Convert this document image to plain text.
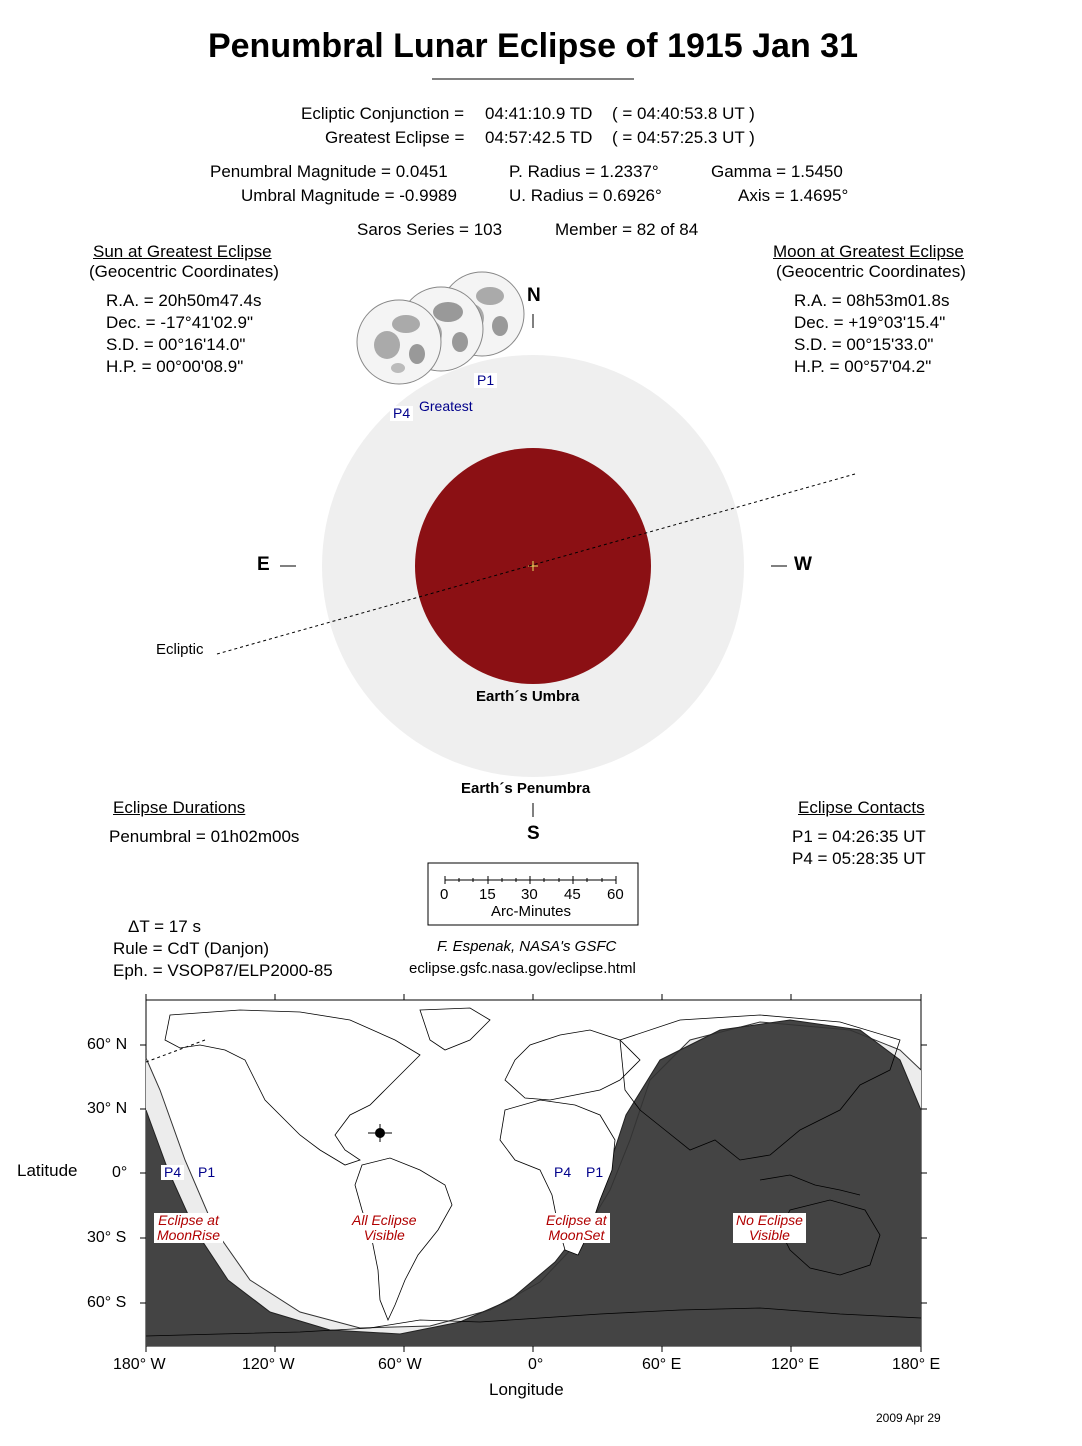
Penumbral Lunar Eclipse of 1915 Jan 31
Ecliptic Conjunction = 04:41:10.9 TD ( = 04:40:53.8 UT )
Greatest Eclipse = 04:57:42.5 TD ( = 04:57:25.3 UT )
Penumbral Magnitude = 0.0451
Umbral Magnitude = -0.9989
P. Radius = 1.2337°
U. Radius = 0.6926°
Gamma = 1.5450
Axis = 1.4695°
Saros Series = 103	Member = 82 of 84
Sun at Greatest Eclipse
(Geocentric Coordinates)
R.A. = 20h50m47.4s
Dec. = -17°41'02.9"
S.D. = 00°16'14.0"
H.P. = 00°00'08.9"
Moon at Greatest Eclipse
(Geocentric Coordinates)
R.A. = 08h53m01.8s
Dec. = +19°03'15.4"
S.D. = 00°15'33.0"
H.P. = 00°57'04.2"
N
S
E	W
Ecliptic
Earth´s Umbra
Earth´s Penumbra
P1
P4 Greatest
Eclipse Durations
Penumbral = 01h02m00s
Eclipse Contacts
P1 = 04:26:35 UT
P4 = 05:28:35 UT
0 15 30 45 60
Arc-Minutes
ΔT = 17 s
Rule = CdT (Danjon)
Eph. = VSOP87/ELP2000-85
F. Espenak, NASA's GSFC
eclipse.gsfc.nasa.gov/eclipse.html
Latitude
Longitude
60° N
30° N
0°
30° S
60° S
180° W	120° W	60° W	0°	60° E	120° E	180° E
P4 P1	P4 P1
Eclipse at
MoonRise
All Eclipse
Visible
Eclipse at
MoonSet
No Eclipse
Visible
2009 Apr 29
